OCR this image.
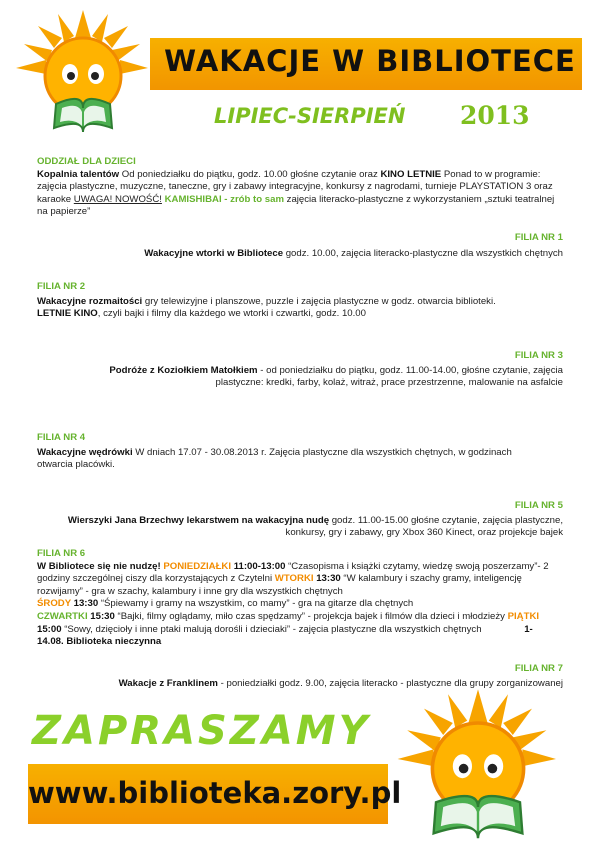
WAKACJE W BIBLIOTECE
LIPIEC-SIERPIEŃ 2013
ODDZIAŁ DLA DZIECI
Kopalnia talentów Od poniedziałku do piątku, godz. 10.00 głośne czytanie oraz KINO LETNIE Ponad to w programie: zajęcia plastyczne, muzyczne, taneczne, gry i zabawy integracyjne, konkursy z nagrodami, turnieje PLAYSTATION 3 oraz karaoke UWAGA! NOWOŚĆ! KAMISHIBAI - zrób to sam zajęcia literacko-plastyczne z wykorzystaniem „sztuki teatralnej na papierze”
FILIA NR 1
Wakacyjne wtorki w Bibliotece godz. 10.00, zajęcia literacko-plastyczne dla wszystkich chętnych
FILIA NR 2
Wakacyjne rozmaitości gry telewizyjne i planszowe, puzzle i zajęcia plastyczne w godz. otwarcia biblioteki.
LETNIE KINO, czyli bajki i filmy dla każdego we wtorki i czwartki, godz. 10.00
FILIA NR 3
Podróże z Koziołkiem Matołkiem - od poniedziałku do piątku, godz. 11.00-14.00, głośne czytanie, zajęcia plastyczne: kredki, farby, kolaż, witraż, prace przestrzenne, malowanie na asfalcie
FILIA NR 4
Wakacyjne wędrówki W dniach 17.07 - 30.08.2013 r. Zajęcia plastyczne dla wszystkich chętnych, w godzinach otwarcia placówki.
FILIA NR 5
Wierszyki Jana Brzechwy lekarstwem na wakacyjna nudę godz. 11.00-15.00 głośne czytanie, zajęcia plastyczne, konkursy, gry i zabawy, gry Xbox 360 Kinect, oraz projekcje bajek
FILIA NR 6
W Bibliotece się nie nudzę! PONIEDZIAŁKI 11:00-13:00 “Czasopisma i książki czytamy, wiedzę swoją poszerzamy”- 2 godziny szczególnej ciszy dla korzystających z Czytelni WTORKI 13:30 “W kalambury i szachy gramy, inteligencję rozwijamy” - gra w szachy, kalambury i inne gry dla wszystkich chętnych
ŚRODY 13:30 “Śpiewamy i gramy na wszystkim, co mamy” - gra na gitarze dla chętnych
CZWARTKI 15:30 “Bajki, filmy oglądamy, miło czas spędzamy” - projekcja bajek i filmów dla dzieci i młodzieży PIĄTKI 15:00 “Sowy, dzięcioły i inne ptaki malują dorośli i dzieciaki” - zajęcia plastyczne dla wszystkich chętnych	1-14.08. Biblioteka nieczynna
FILIA NR 7
Wakacje z Franklinem - poniedziałki godz. 9.00, zajęcia literacko - plastyczne dla grupy zorganizowanej
ZAPRASZAMY
www.biblioteka.zory.pl
